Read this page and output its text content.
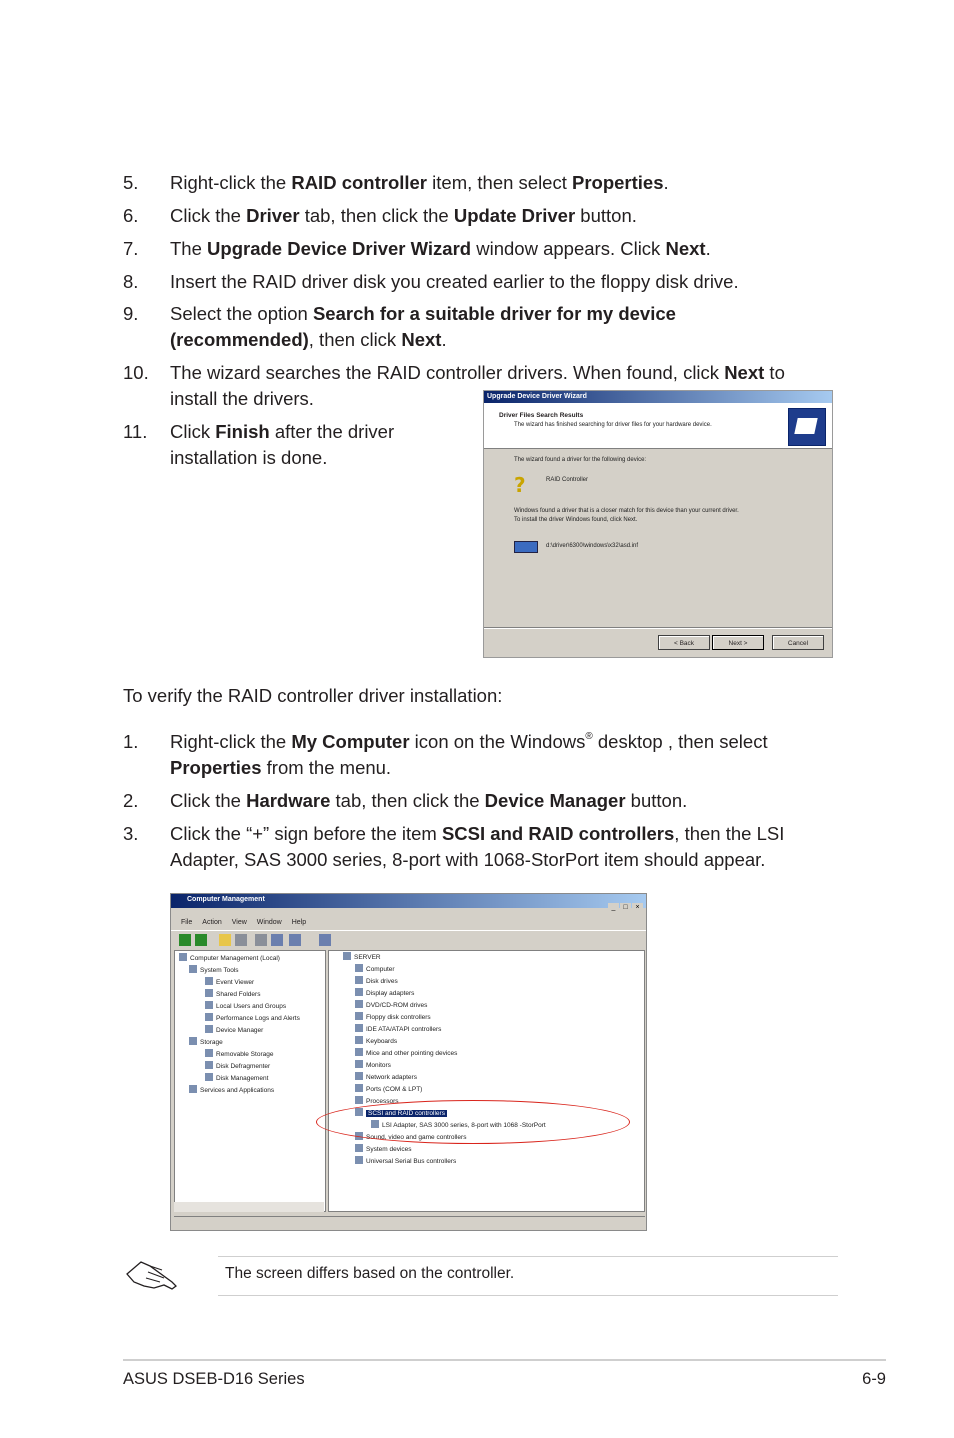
5.	Right-click the RAID controller item, then select Properties.
6.	Click the Driver tab, then click the Update Driver button.
7.	The Upgrade Device Driver Wizard window appears. Click Next.
8.	Insert the RAID driver disk you created earlier to the floppy disk drive.
9.	Select the option Search for a suitable driver for my device
(recommended), then click Next.
10.	The wizard searches the RAID controller drivers. When found, click Next to
install the drivers.
11.	Click Finish after the driver
installation is done.
Upgrade Device Driver Wizard
Driver Files Search Results
The wizard has finished searching for driver files for your hardware device.
The wizard found a driver for the following device:
?	RAID Controller
Windows found a driver that is a closer match for this device than your current driver.
To install the driver Windows found, click Next.
d:\driver\6300\windows\x32\asd.inf
< Back	Next >	Cancel
To verify the RAID controller driver installation:
1.	Right-click the My Computer icon on the Windows® desktop , then select
Properties from the menu.
2.	Click the Hardware tab, then click the Device Manager button.
3.	Click the “+” sign before the item SCSI and RAID controllers, then the LSI
Adapter, SAS 3000 series, 8-port with 1068-StorPort item should appear.
Computer Management
_ □ ×
File Action View Window Help
Computer Management (Local)
System Tools
Event Viewer
Shared Folders
Local Users and Groups
Performance Logs and Alerts
Device Manager
Storage
Removable Storage
Disk Defragmenter
Disk Management
Services and Applications
SERVER
Computer
Disk drives
Display adapters
DVD/CD-ROM drives
Floppy disk controllers
IDE ATA/ATAPI controllers
Keyboards
Mice and other pointing devices
Monitors
Network adapters
Ports (COM & LPT)
Processors
SCSI and RAID controllers
LSI Adapter, SAS 3000 series, 8-port with 1068 -StorPort
Sound, video and game controllers
System devices
Universal Serial Bus controllers
The screen differs based on the controller.
ASUS DSEB-D16 Series	6-9
